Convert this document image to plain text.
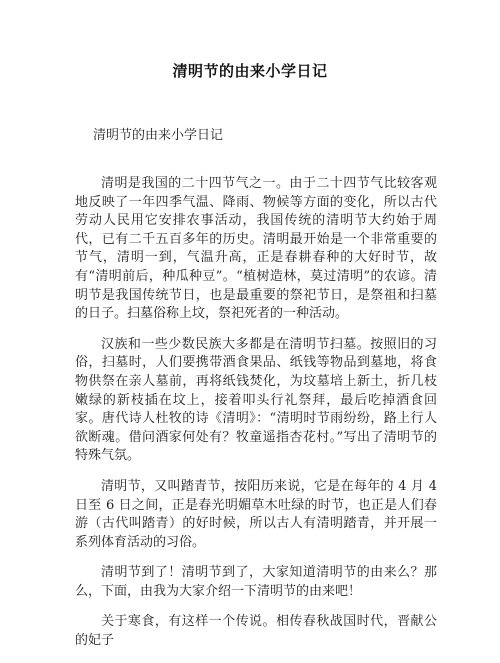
清明节的由来小学日记
清明节的由来小学日记

清明是我国的二十四节气之一。由于二十四节气比较客观地反映了一年四季气温、降雨、物候等方面的变化，所以古代劳动人民用它安排农事活动，我国传统的清明节大约始于周代，已有二千五百多年的历史。清明最开始是一个非常重要的节气，清明一到，气温升高，正是春耕春种的大好时节，故有“清明前后，种瓜种豆”。“植树造林，莫过清明”的农谚。清明节是我国传统节日，也是最重要的祭祀节日，是祭祖和扫墓的日子。扫墓俗称上坟，祭祀死者的一种活动。

汉族和一些少数民族大多都是在清明节扫墓。按照旧的习俗，扫墓时，人们要携带酒食果品、纸钱等物品到墓地，将食物供祭在亲人墓前，再将纸钱焚化，为坟墓培上新土，折几枝嫩绿的新枝插在坟上，接着叩头行礼祭拜，最后吃掉酒食回家。唐代诗人杜牧的诗《清明》：“清明时节雨纷纷，路上行人欲断魂。借问酒家何处有？牧童遥指杏花村。”写出了清明节的特殊气氛。

清明节，又叫踏青节，按阳历来说，它是在每年的 4 月 4 日至 6 日之间，正是春光明媚草木吐绿的时节，也正是人们春游（古代叫踏青）的好时候，所以古人有清明踏青，并开展一系列体育活动的习俗。

清明节到了！清明节到了，大家知道清明节的由来么？那么，下面，由我为大家介绍一下清明节的由来吧！

关于寒食，有这样一个传说。相传春秋战国时代，晋献公的妃子
